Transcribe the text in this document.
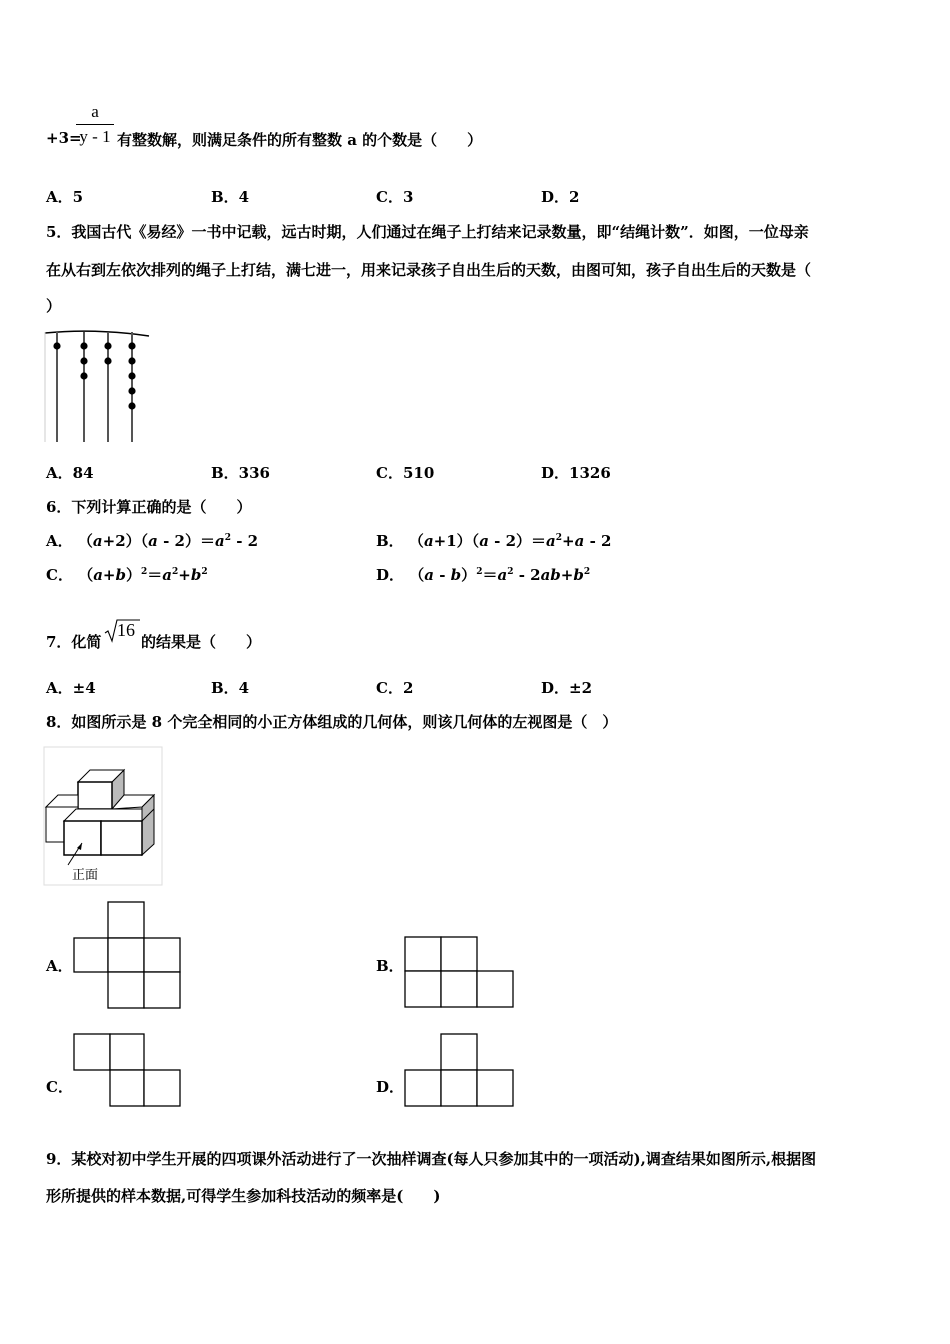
a
y - 1
+3= 有整数解，则满足条件的所有整数 a 的个数是（　　）
A．5	B．4	C．3	D．2
5．我国古代《易经》一书中记载，远古时期，人们通过在绳子上打结来记录数量，即“结绳计数”．如图，一位母亲
在从右到左依次排列的绳子上打结，满七进一，用来记录孩子自出生后的天数，由图可知，孩子自出生后的天数是（
）
A．84	B．336	C．510	D．1326
6．下列计算正确的是（　　）
A． $(a+2)(a - 2)=a^2 - 2$	B． $(a+1)(a - 2)=a^2+a - 2$
C． $(a+b)^2=a^2+b^2$	D． $(a - b)^2=a^2 - 2ab+b^2$
7．化简
16
的结果是（　　）
A．±4	B．4	C．2	D．±2
8．如图所示是 8 个完全相同的小正方体组成的几何体，则该几何体的左视图是（　）
正面
A．	B．
C．	D．
9．某校对初中学生开展的四项课外活动进行了一次抽样调查(每人只参加其中的一项活动),调查结果如图所示,根据图
形所提供的样本数据,可得学生参加科技活动的频率是(　　)
